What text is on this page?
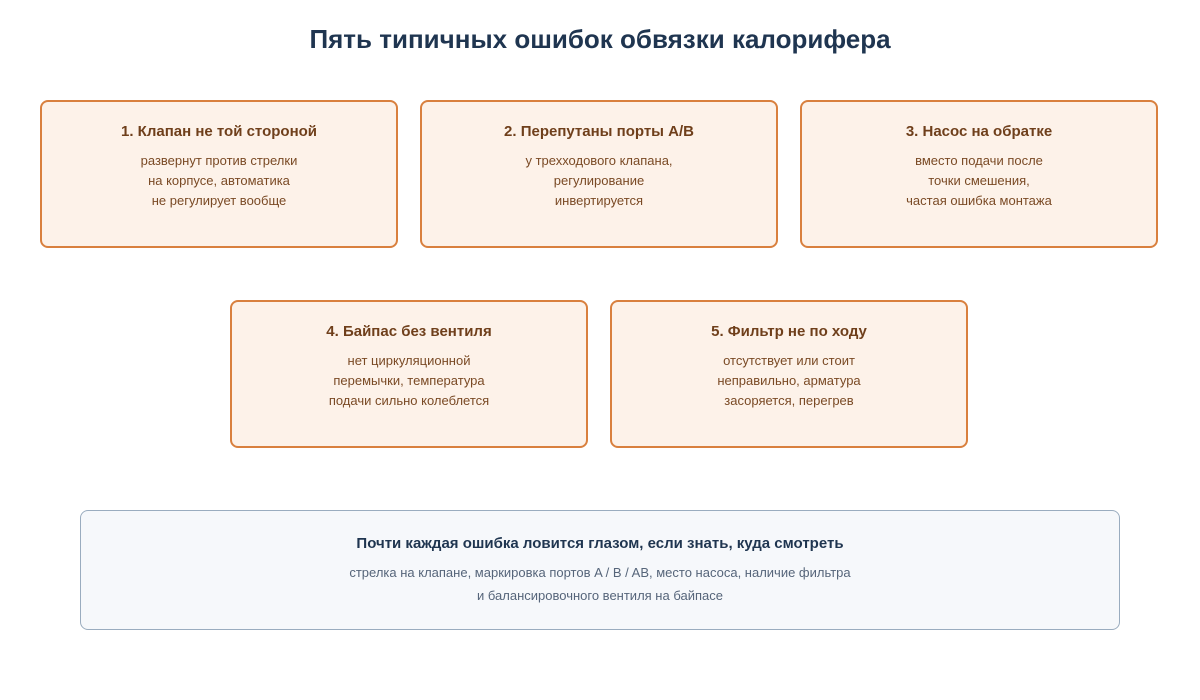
Пять типичных ошибок обвязки калорифера
1. Клапан не той стороной
развернут против стрелки
на корпусе, автоматика
не регулирует вообще
2. Перепутаны порты A/B
у трехходового клапана,
регулирование
инвертируется
3. Насос на обратке
вместо подачи после
точки смешения,
частая ошибка монтажа
4. Байпас без вентиля
нет циркуляционной
перемычки, температура
подачи сильно колеблется
5. Фильтр не по ходу
отсутствует или стоит
неправильно, арматура
засоряется, перегрев
Почти каждая ошибка ловится глазом, если знать, куда смотреть
стрелка на клапане, маркировка портов A / B / AB, место насоса, наличие фильтра
и балансировочного вентиля на байпасе
